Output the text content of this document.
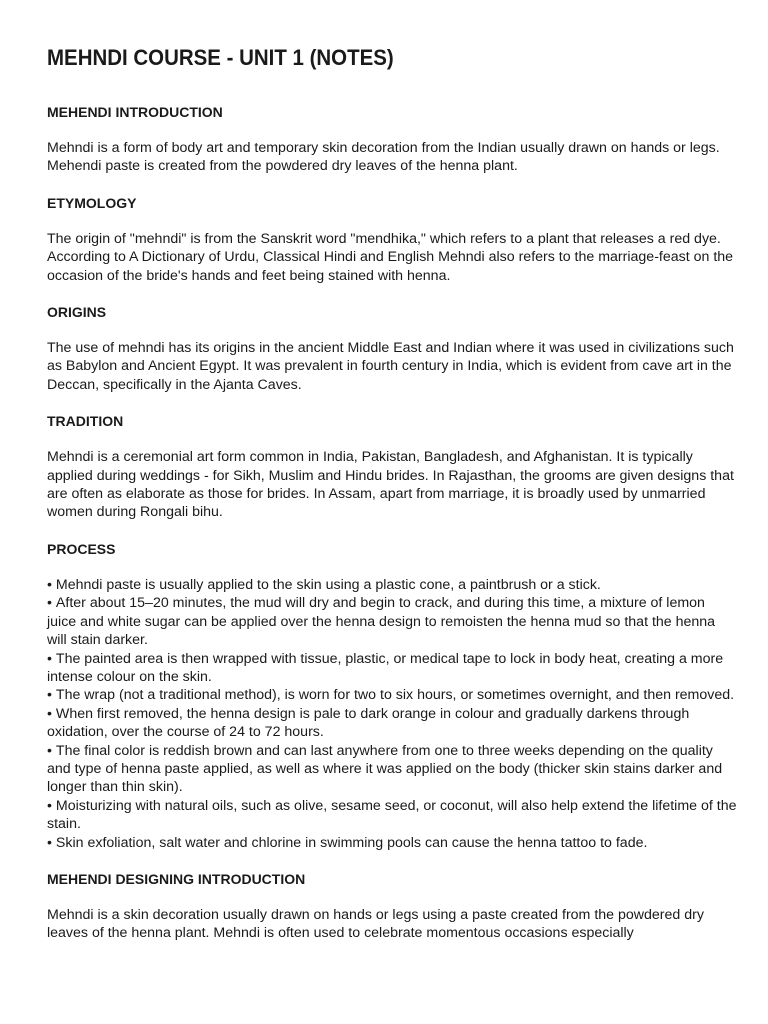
MEHNDI COURSE - UNIT 1 (NOTES)
MEHENDI INTRODUCTION

Mehndi is a form of body art and temporary skin decoration from the Indian usually drawn on hands or legs. Mehendi paste is created from the powdered dry leaves of the henna plant.

ETYMOLOGY

The origin of "mehndi" is from the Sanskrit word "mendhika," which refers to a plant that releases a red dye. According to A Dictionary of Urdu, Classical Hindi and English Mehndi also refers to the marriage-feast on the occasion of the bride's hands and feet being stained with henna.

ORIGINS

The use of mehndi has its origins in the ancient Middle East and Indian where it was used in civilizations such as Babylon and Ancient Egypt. It was prevalent in fourth century in India, which is evident from cave art in the Deccan, specifically in the Ajanta Caves.

TRADITION

Mehndi is a ceremonial art form common in India, Pakistan, Bangladesh, and Afghanistan. It is typically applied during weddings - for Sikh, Muslim and Hindu brides. In Rajasthan, the grooms are given designs that are often as elaborate as those for brides. In Assam, apart from marriage, it is broadly used by unmarried women during Rongali bihu.

PROCESS
• Mehndi paste is usually applied to the skin using a plastic cone, a paintbrush or a stick.
• After about 15–20 minutes, the mud will dry and begin to crack, and during this time, a mixture of lemon juice and white sugar can be applied over the henna design to remoisten the henna mud so that the henna will stain darker.
• The painted area is then wrapped with tissue, plastic, or medical tape to lock in body heat, creating a more intense colour on the skin.
• The wrap (not a traditional method), is worn for two to six hours, or sometimes overnight, and then removed.
• When first removed, the henna design is pale to dark orange in colour and gradually darkens through oxidation, over the course of 24 to 72 hours.
• The final color is reddish brown and can last anywhere from one to three weeks depending on the quality and type of henna paste applied, as well as where it was applied on the body (thicker skin stains darker and longer than thin skin).
• Moisturizing with natural oils, such as olive, sesame seed, or coconut, will also help extend the lifetime of the stain.
• Skin exfoliation, salt water and chlorine in swimming pools can cause the henna tattoo to fade.
MEHENDI DESIGNING INTRODUCTION

Mehndi is a skin decoration usually drawn on hands or legs using a paste created from the powdered dry leaves of the henna plant. Mehndi is often used to celebrate momentous occasions especially
